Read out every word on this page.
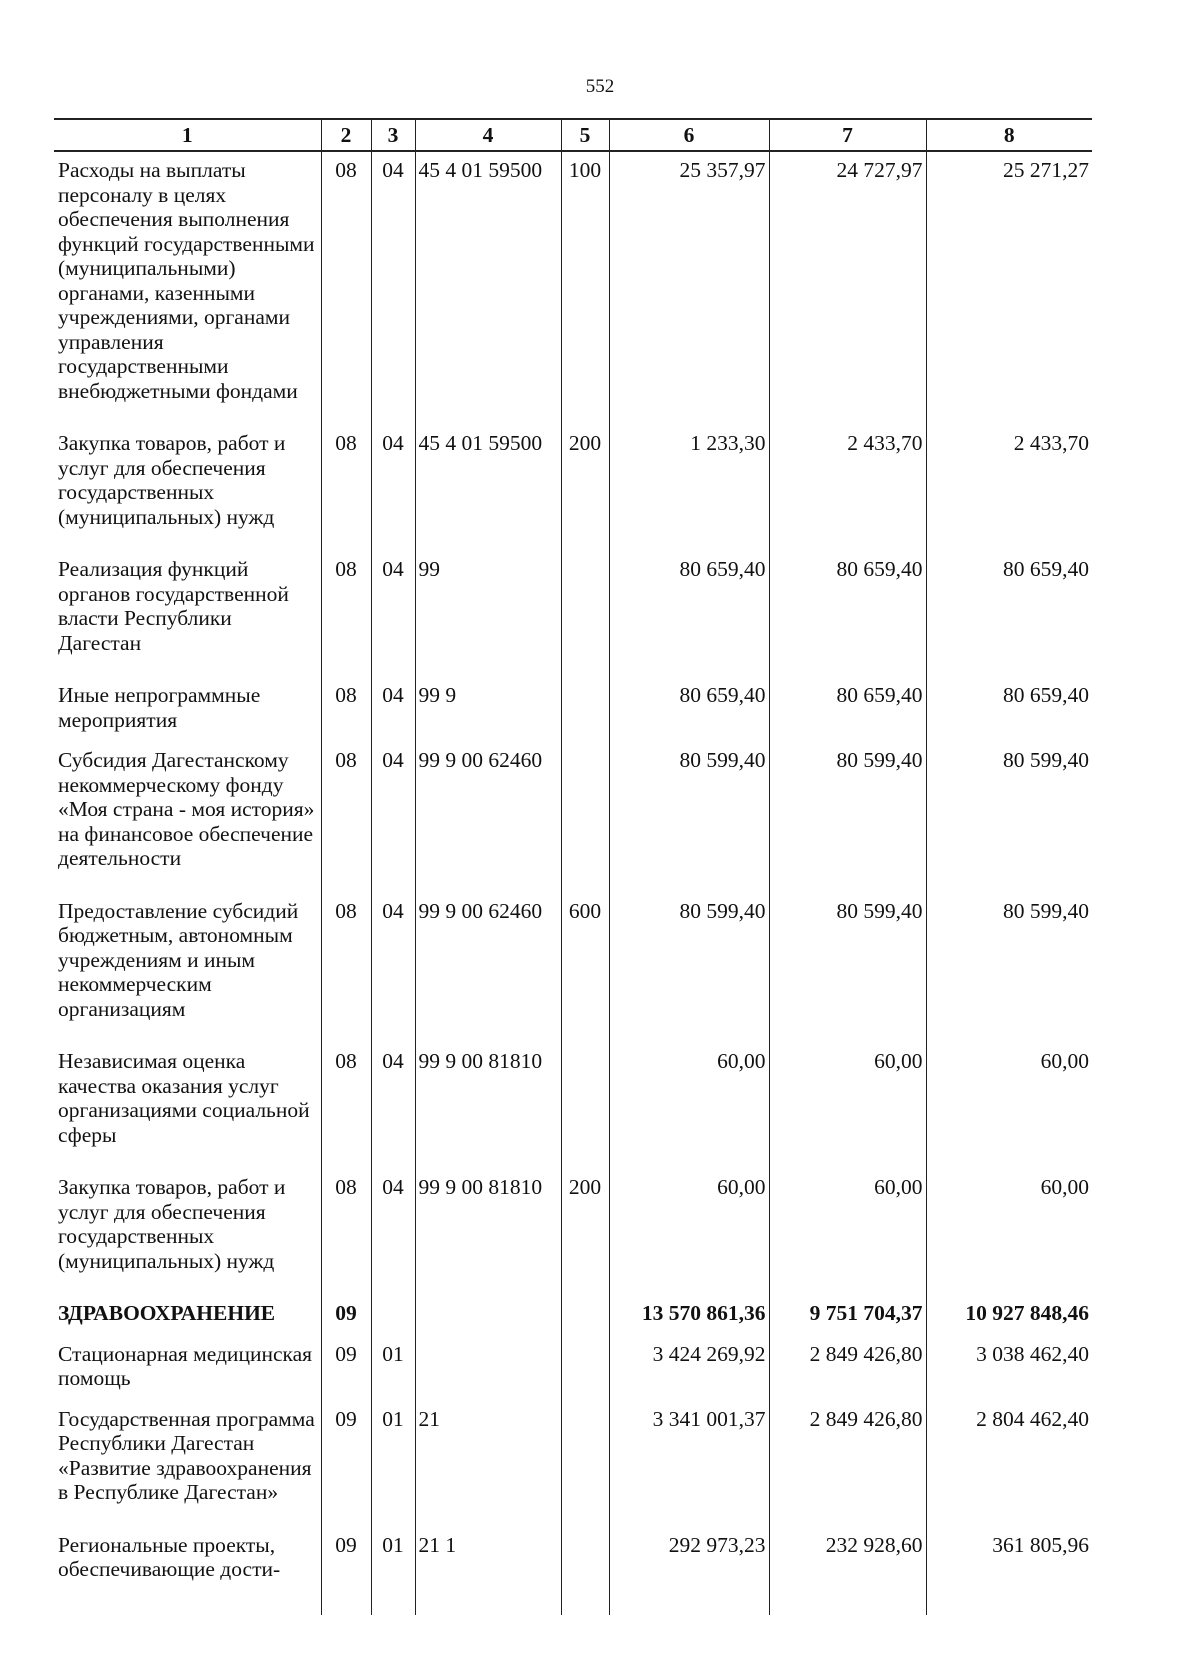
552
1	2	3	4	5	6	7	8
Расходы на выплаты персоналу в целях обеспечения выполнения функций государственными (муниципальными) органами, казенными учреждениями, органами управления государственными внебюджетными фондами	08	04	45 4 01 59500	100	25 357,97	24 727,97	25 271,27
Закупка товаров, работ и услуг для обеспечения государственных (муниципальных) нужд	08	04	45 4 01 59500	200	1 233,30	2 433,70	2 433,70
Реализация функций органов государственной власти Республики Дагестан	08	04	99		80 659,40	80 659,40	80 659,40
Иные непрограммные мероприятия	08	04	99 9		80 659,40	80 659,40	80 659,40
Субсидия Дагестанскому некоммерческому фонду «Моя страна - моя история» на финансовое обеспечение деятельности	08	04	99 9 00 62460		80 599,40	80 599,40	80 599,40
Предоставление субсидий бюджетным, автономным учреждениям и иным некоммерческим организациям	08	04	99 9 00 62460	600	80 599,40	80 599,40	80 599,40
Независимая оценка качества оказания услуг организациями социальной сферы	08	04	99 9 00 81810		60,00	60,00	60,00
Закупка товаров, работ и услуг для обеспечения государственных (муниципальных) нужд	08	04	99 9 00 81810	200	60,00	60,00	60,00
ЗДРАВООХРАНЕНИЕ	09				13 570 861,36	9 751 704,37	10 927 848,46
Стационарная медицинская помощь	09	01			3 424 269,92	2 849 426,80	3 038 462,40
Государственная программа Республики Дагестан «Развитие здравоохранения в Республике Дагестан»	09	01	21		3 341 001,37	2 849 426,80	2 804 462,40
Региональные проекты, обеспечивающие дости-	09	01	21 1		292 973,23	232 928,60	361 805,96
